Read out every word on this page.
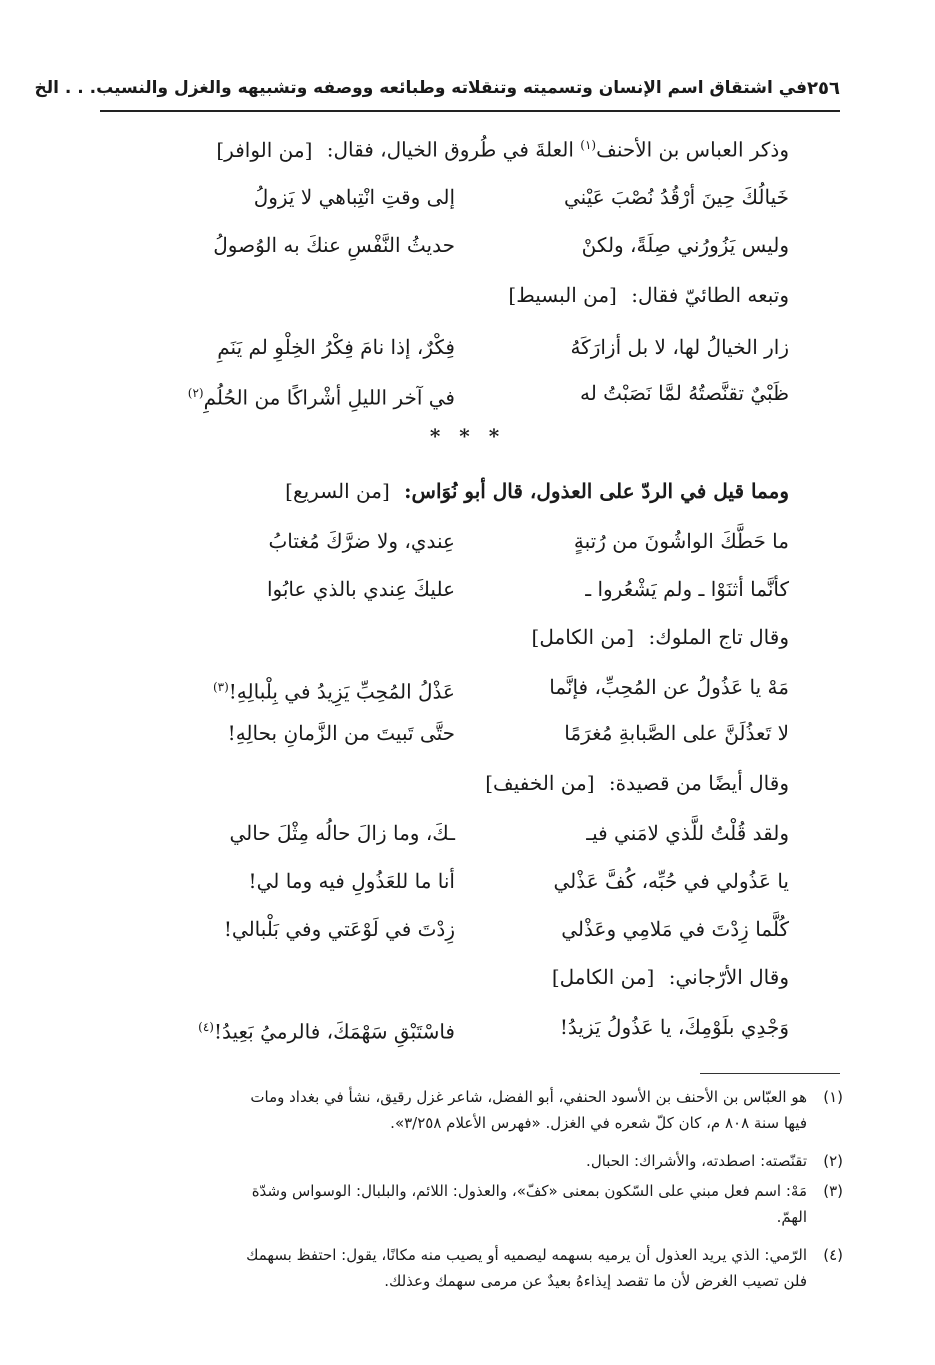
٢٥٦
في اشتقاق اسم الإنسان وتسميته وتنقلاته وطبائعه ووصفه وتشبيهه والغزل والنسيب. . . الخ
وذكر العباس بن الأحنف$^{(١)}$ العلةَ في طُروق الخيال، فقال: [من الوافر]
خَيالُكَ حِينَ أرْقُدُ نُصْبَ عَيْني
إلى وقتِ انْتِباهي لا يَزولُ
وليس يَزُورُني صِلَةً، ولكنْ
حديثُ النَّفْسِ عنكَ به الوُصولُ
وتبعه الطائيّ فقال: [من البسيط]
زار الخيالُ لها، لا بل أزارَكَهُ
فِكْرٌ، إذا نامَ فِكْرُ الخِلْوِ لم يَنَمِ
ظَبْيٌ تقنَّصتُهُ لمَّا نَصَبْتُ له
في آخر الليلِ أشْراكًا من الحُلُمِ$^{(٢)}$
* * *
ومما قيل في الردّ على العذول، قال أبو نُوَاس: [من السريع]
ما حَطَّكَ الواشُونَ من رُتبةٍ
عِندي، ولا ضرَّكَ مُغتابُ
كأنَّما أثنَوْا ـ ولم يَشْعُروا ـ
عليكَ عِندي بالذي عابُوا
وقال تاج الملوك: [من الكامل]
مَهْ يا عَذُولُ عن المُحِبِّ، فإنَّما
عَذْلُ المُحِبِّ يَزِيدُ في بِلْبالِهِ!$^{(٣)}$
لا تَعذُلَنَّ على الصَّبابةِ مُغرَمًا
حتَّى تَبيتَ من الزَّمانِ بحالِهِ!
وقال أيضًا من قصيدة: [من الخفيف]
ولقد قُلْتُ للَّذي لامَني فيـ
ـكَ، وما زالَ حالُه مِثْلَ حالي
يا عَذُولي في حُبِّه، كُفَّ عَذْلي
أنا ما للعَذُولِ فيه وما لي!
كُلَّما زِدْتَ في مَلامِي وعَذْلي
زِدْتَ في لَوْعَتي وفي بَلْبالي!
وقال الأرّجاني: [من الكامل]
وَجْدِي بلَوْمِكَ، يا عَذُولُ يَزيدُ!
فاسْتَبْقِ سَهْمَكَ، فالرميُ بَعِيدُ!$^{(٤)}$
(١)هو العبّاس بن الأحنف بن الأسود الحنفي، أبو الفضل، شاعر غزل رقيق، نشأ في بغداد ومات
فيها سنة ٨٠٨ م، كان كلّ شعره في الغزل. «فهرس الأعلام ٣/٢٥٨».
(٢)تقنّصته: اصطدته، والأشراك: الحبال.
(٣)مَهْ: اسم فعل مبني على السّكون بمعنى «كفّ»، والعذول: اللائم، والبلبال: الوسواس وشدّة
الهمّ.
(٤)الرّمي: الذي يريد العذول أن يرميه بسهمه ليصميه أو يصيب منه مكانًا، يقول: احتفظ بسهمك
فلن تصيب الغرض لأن ما تقصد إيذاءهُ بعيدٌ عن مرمى سهمك وعذلك.
